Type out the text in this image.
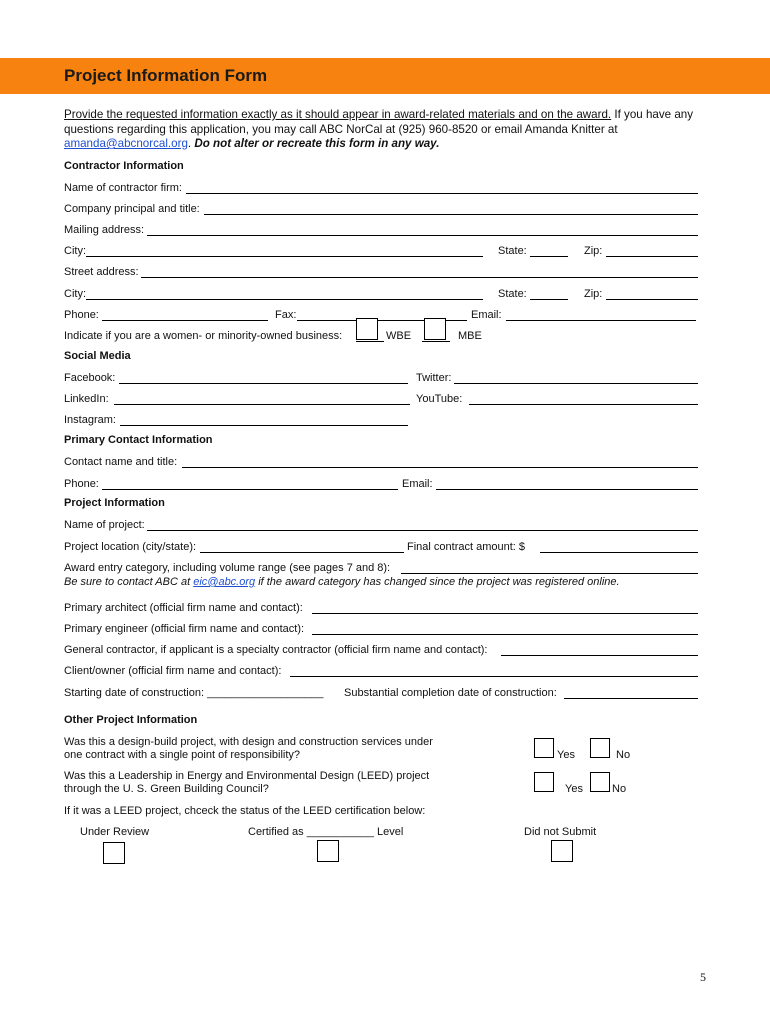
Project Information Form
Provide the requested information exactly as it should appear in award-related materials and on the award. If you have any questions regarding this application, you may call ABC NorCal at (925) 960-8520 or email Amanda Knitter at amanda@abcnorcal.org. Do not alter or recreate this form in any way.
Contractor Information
Name of contractor firm:
Company principal and title:
Mailing address:
City:	State:	Zip:
Street address:
City:	State:	Zip:
Phone:	Fax:	Email:
Indicate if you are a women- or minority-owned business:	WBE	MBE
Social Media
Facebook:	Twitter:
LinkedIn:	YouTube:
Instagram:
Primary Contact Information
Contact name and title:
Phone:	Email:
Project Information
Name of project:
Project location (city/state):	Final contract amount: $
Award entry category, including volume range (see pages 7 and 8):
Be sure to contact ABC at eic@abc.org if the award category has changed since the project was registered online.
Primary architect (official firm name and contact):
Primary engineer (official firm name and contact):
General contractor, if applicant is a specialty contractor (official firm name and contact):
Client/owner (official firm name and contact):
Starting date of construction: ___________________ Substantial completion date of construction:
Other Project Information
Was this a design-build project, with design and construction services under
one contract with a single point of responsibility?	Yes	No
Was this a Leadership in Energy and Environmental Design (LEED) project
through the U. S. Green Building Council?	Yes	No
If it was a LEED project, chceck the status of the LEED certification below:
Under Review	Certified as ___________ Level	Did not Submit
5
